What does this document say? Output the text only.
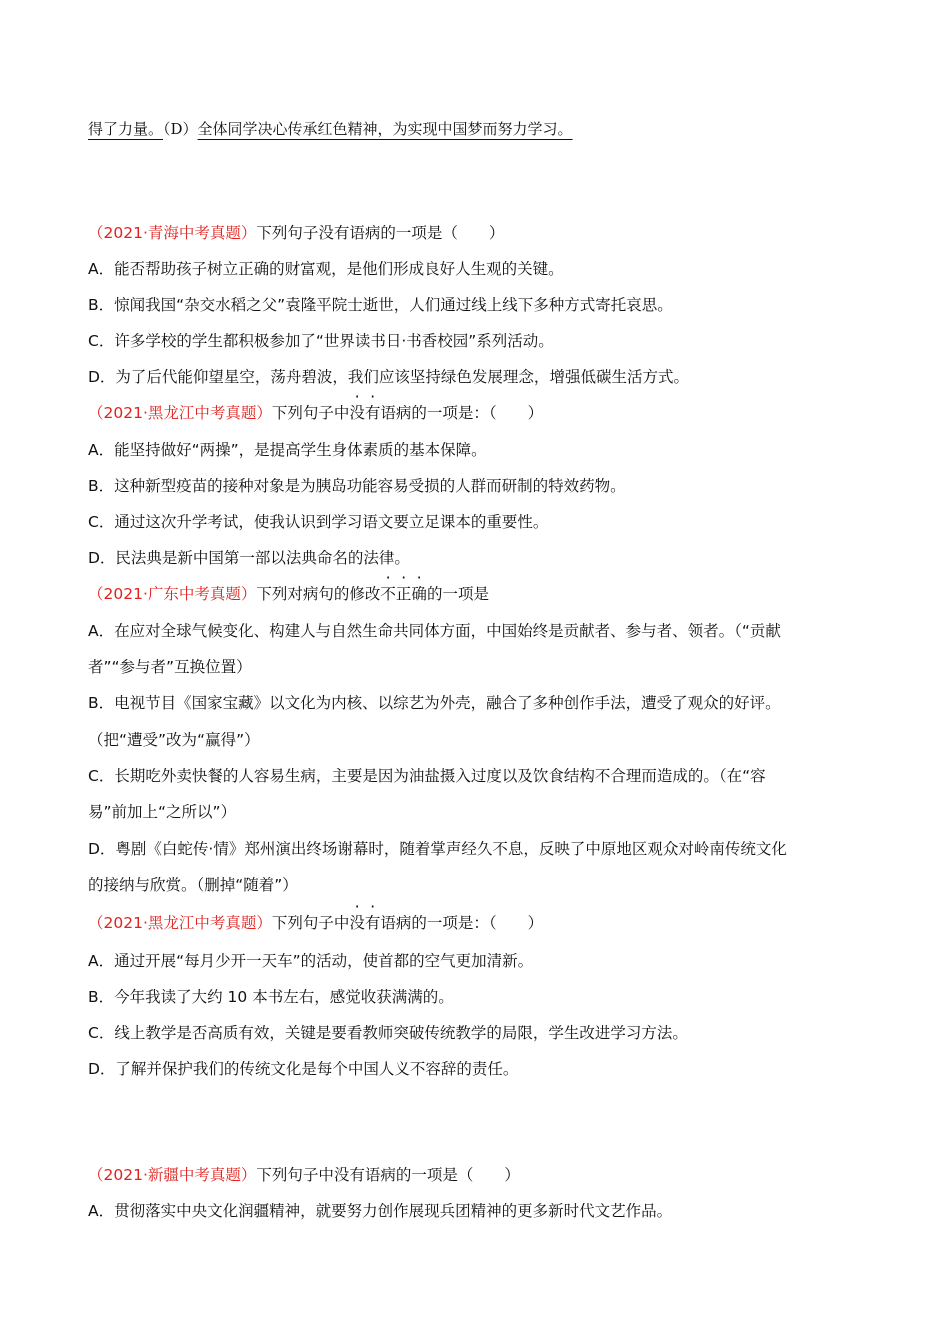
得了力量。（D）全体同学决心传承红色精神，为实现中国梦而努力学习。
（2021·青海中考真题）下列句子没有语病的一项是（　　）
A．能否帮助孩子树立正确的财富观，是他们形成良好人生观的关键。
B．惊闻我国“杂交水稻之父”袁隆平院士逝世，人们通过线上线下多种方式寄托哀思。
C．许多学校的学生都积极参加了“世界读书日·书香校园”系列活动。
D．为了后代能仰望星空，荡舟碧波，我们应该坚持绿色发展理念，增强低碳生活方式。
（2021·黑龙江中考真题）下列句子中没有语病的一项是：（　　）
A．能坚持做好“两操”，是提高学生身体素质的基本保障。
B．这种新型疫苗的接种对象是为胰岛功能容易受损的人群而研制的特效药物。
C．通过这次升学考试，使我认识到学习语文要立足课本的重要性。
D．民法典是新中国第一部以法典命名的法律。
（2021·广东中考真题）下列对病句的修改不正确的一项是
A．在应对全球气候变化、构建人与自然生命共同体方面，中国始终是贡献者、参与者、领者。（“贡献
者”“参与者”互换位置）
B．电视节目《国家宝藏》以文化为内核、以综艺为外壳，融合了多种创作手法，遭受了观众的好评。
（把“遭受”改为“赢得”）
C．长期吃外卖快餐的人容易生病，主要是因为油盐摄入过度以及饮食结构不合理而造成的。（在“容
易”前加上“之所以”）
D．粤剧《白蛇传·情》郑州演出终场谢幕时，随着掌声经久不息，反映了中原地区观众对岭南传统文化
的接纳与欣赏。（删掉“随着”）
（2021·黑龙江中考真题）下列句子中没有语病的一项是：（　　）
A．通过开展“每月少开一天车”的活动，使首都的空气更加清新。
B．今年我读了大约 10 本书左右，感觉收获满满的。
C．线上教学是否高质有效，关键是要看教师突破传统教学的局限，学生改进学习方法。
D．了解并保护我们的传统文化是每个中国人义不容辞的责任。
（2021·新疆中考真题）下列句子中没有语病的一项是（　　）
A．贯彻落实中央文化润疆精神，就要努力创作展现兵团精神的更多新时代文艺作品。
